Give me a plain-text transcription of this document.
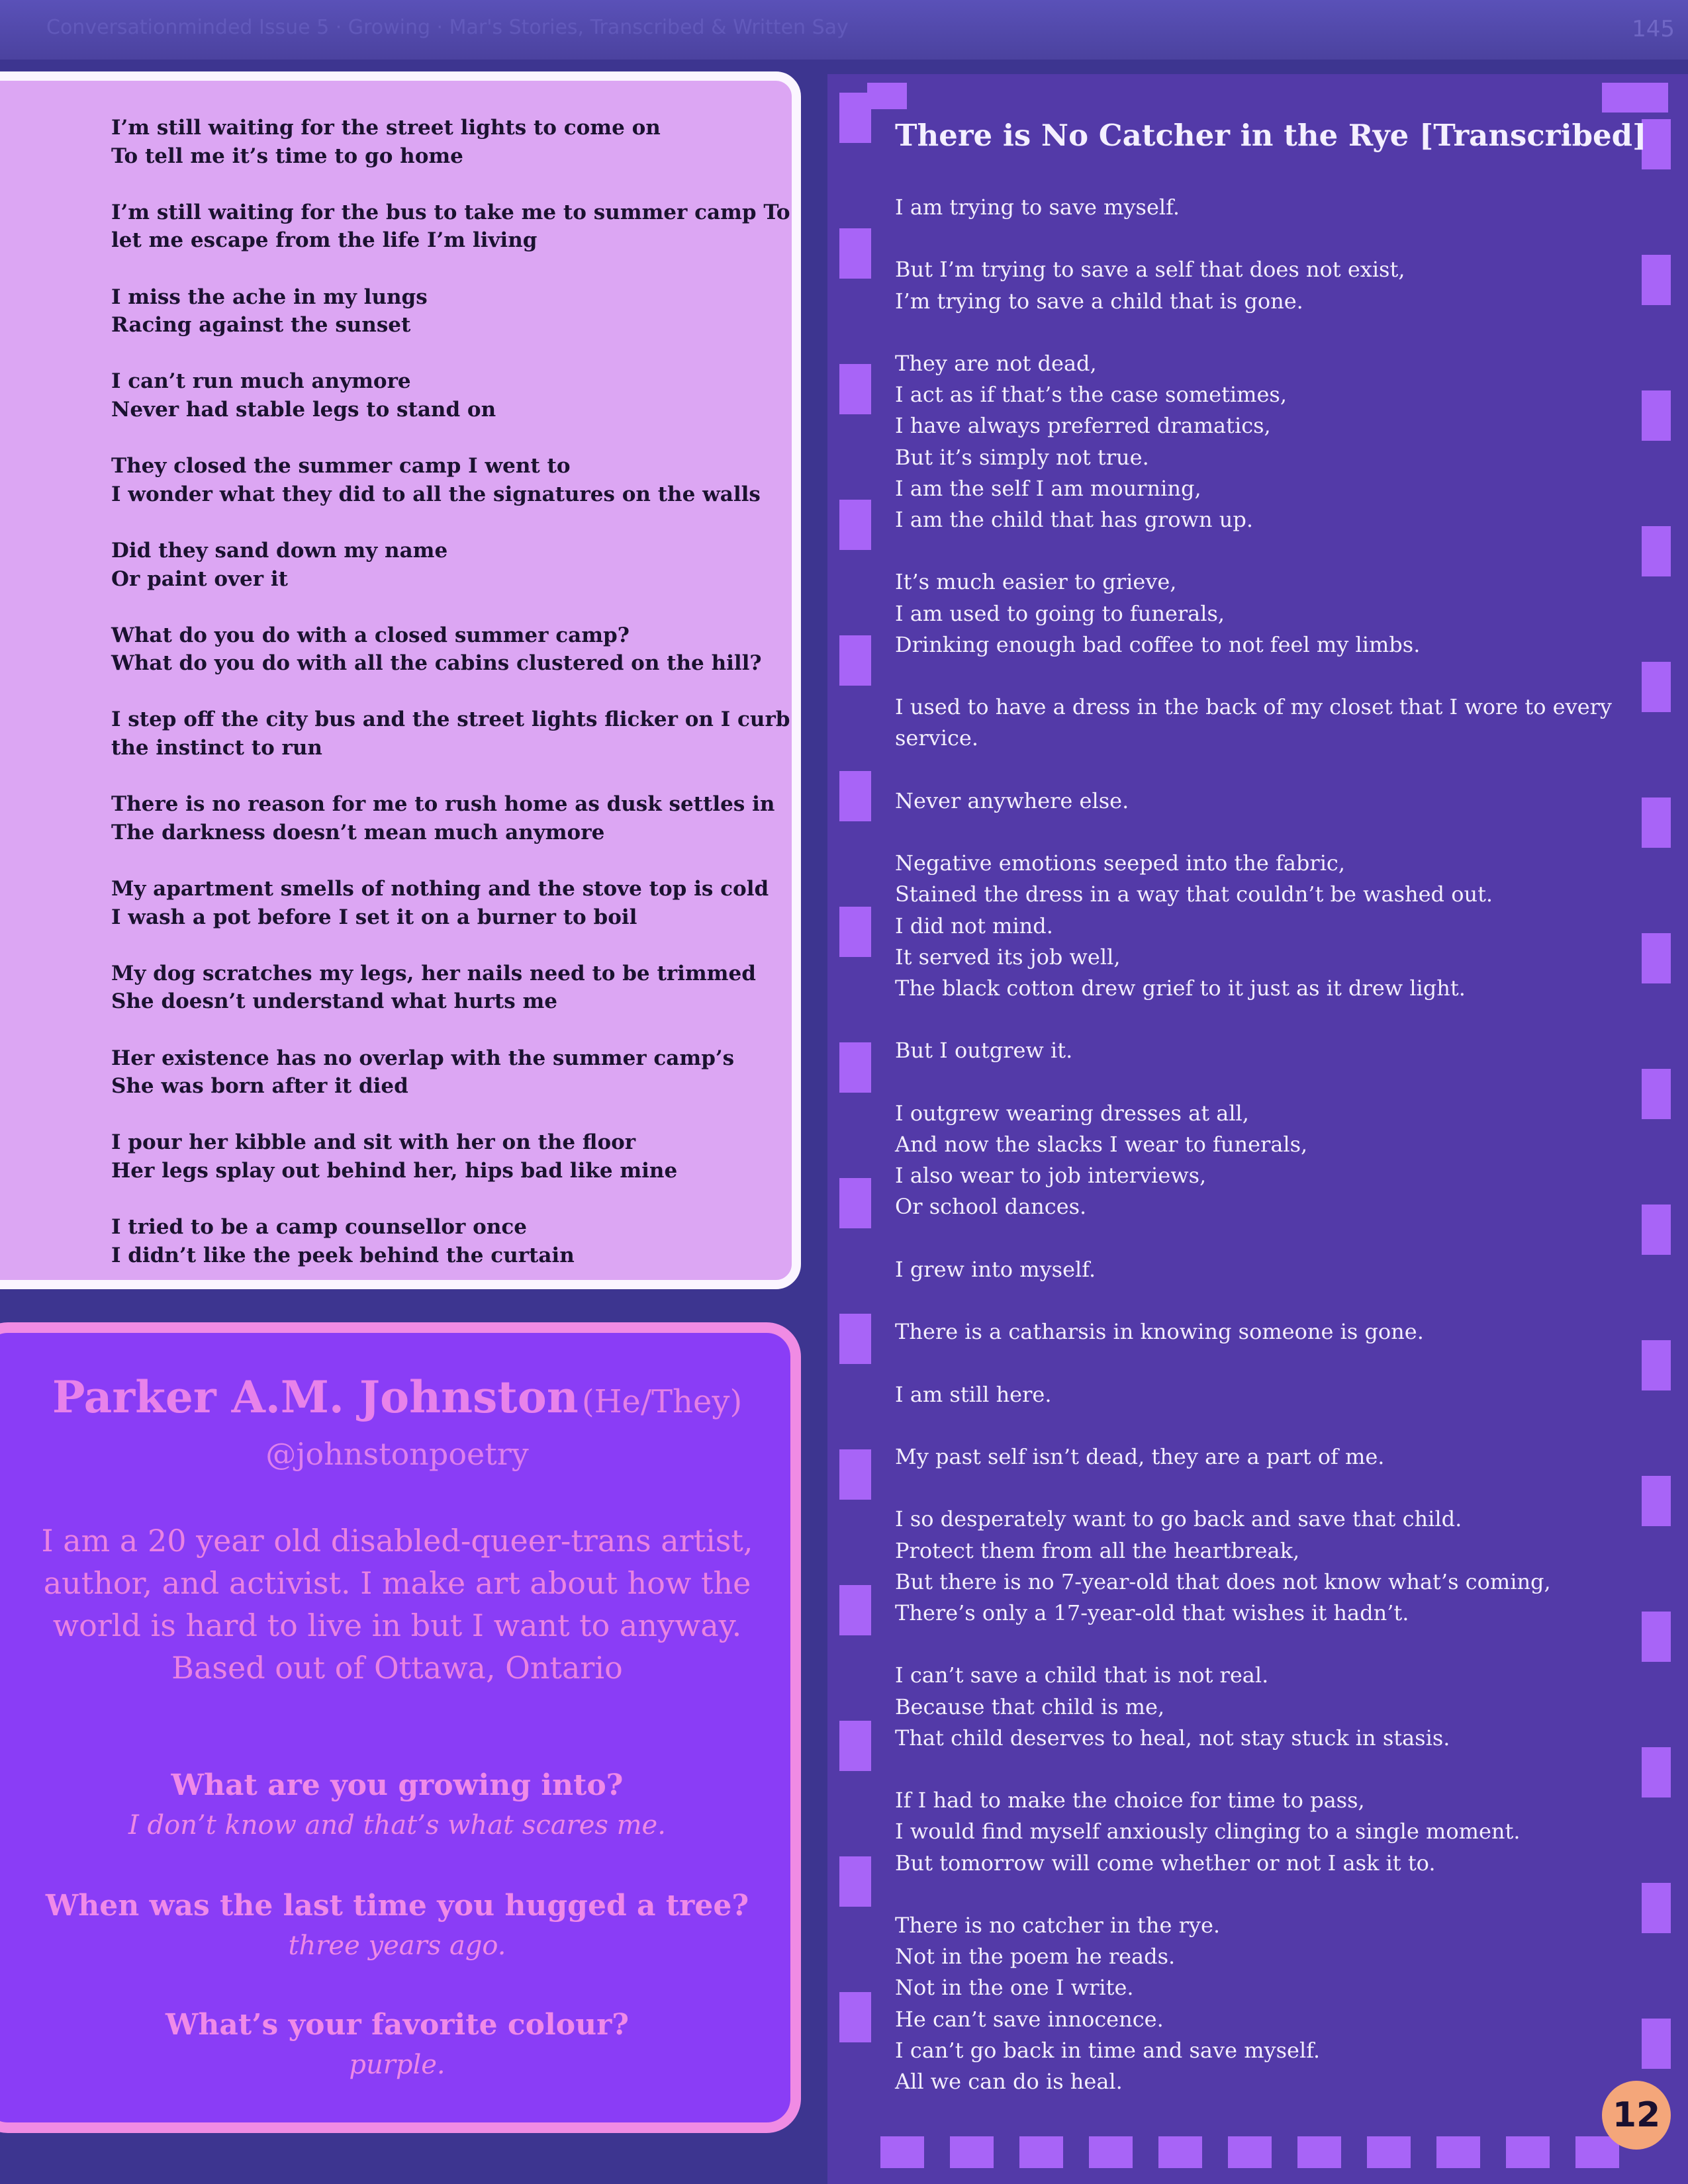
Conversationminded Issue 5 · Growing · Mar's Stories, Transcribed & Written Say	145
I’m still waiting for the street lights to come on
To tell me it’s time to go home
I’m still waiting for the bus to take me to summer camp To
let me escape from the life I’m living
I miss the ache in my lungs
Racing against the sunset
I can’t run much anymore
Never had stable legs to stand on
They closed the summer camp I went to
I wonder what they did to all the signatures on the walls
Did they sand down my name
Or paint over it
What do you do with a closed summer camp?
What do you do with all the cabins clustered on the hill?
I step off the city bus and the street lights flicker on I curb
the instinct to run
There is no reason for me to rush home as dusk settles in
The darkness doesn’t mean much anymore
My apartment smells of nothing and the stove top is cold
I wash a pot before I set it on a burner to boil
My dog scratches my legs, her nails need to be trimmed
She doesn’t understand what hurts me
Her existence has no overlap with the summer camp’s
She was born after it died
I pour her kibble and sit with her on the floor
Her legs splay out behind her, hips bad like mine
I tried to be a camp counsellor once
I didn’t like the peek behind the curtain
Parker A.M. Johnston (He/They)
@johnstonpoetry
I am a 20 year old disabled-queer-trans artist,
author, and activist. I make art about how the
world is hard to live in but I want to anyway.
Based out of Ottawa, Ontario
What are you growing into?
I don’t know and that’s what scares me.
When was the last time you hugged a tree?
three years ago.
What’s your favorite colour?
purple.
There is No Catcher in the Rye [Transcribed]
I am trying to save myself.
But I’m trying to save a self that does not exist,
I’m trying to save a child that is gone.
They are not dead,
I act as if that’s the case sometimes,
I have always preferred dramatics,
But it’s simply not true.
I am the self I am mourning,
I am the child that has grown up.
It’s much easier to grieve,
I am used to going to funerals,
Drinking enough bad coffee to not feel my limbs.
I used to have a dress in the back of my closet that I wore to every
service.
Never anywhere else.
Negative emotions seeped into the fabric,
Stained the dress in a way that couldn’t be washed out.
I did not mind.
It served its job well,
The black cotton drew grief to it just as it drew light.
But I outgrew it.
I outgrew wearing dresses at all,
And now the slacks I wear to funerals,
I also wear to job interviews,
Or school dances.
I grew into myself.
There is a catharsis in knowing someone is gone.
I am still here.
My past self isn’t dead, they are a part of me.
I so desperately want to go back and save that child.
Protect them from all the heartbreak,
But there is no 7-year-old that does not know what’s coming,
There’s only a 17-year-old that wishes it hadn’t.
I can’t save a child that is not real.
Because that child is me,
That child deserves to heal, not stay stuck in stasis.
If I had to make the choice for time to pass,
I would find myself anxiously clinging to a single moment.
But tomorrow will come whether or not I ask it to.
There is no catcher in the rye.
Not in the poem he reads.
Not in the one I write.
He can’t save innocence.
I can’t go back in time and save myself.
All we can do is heal.
12
